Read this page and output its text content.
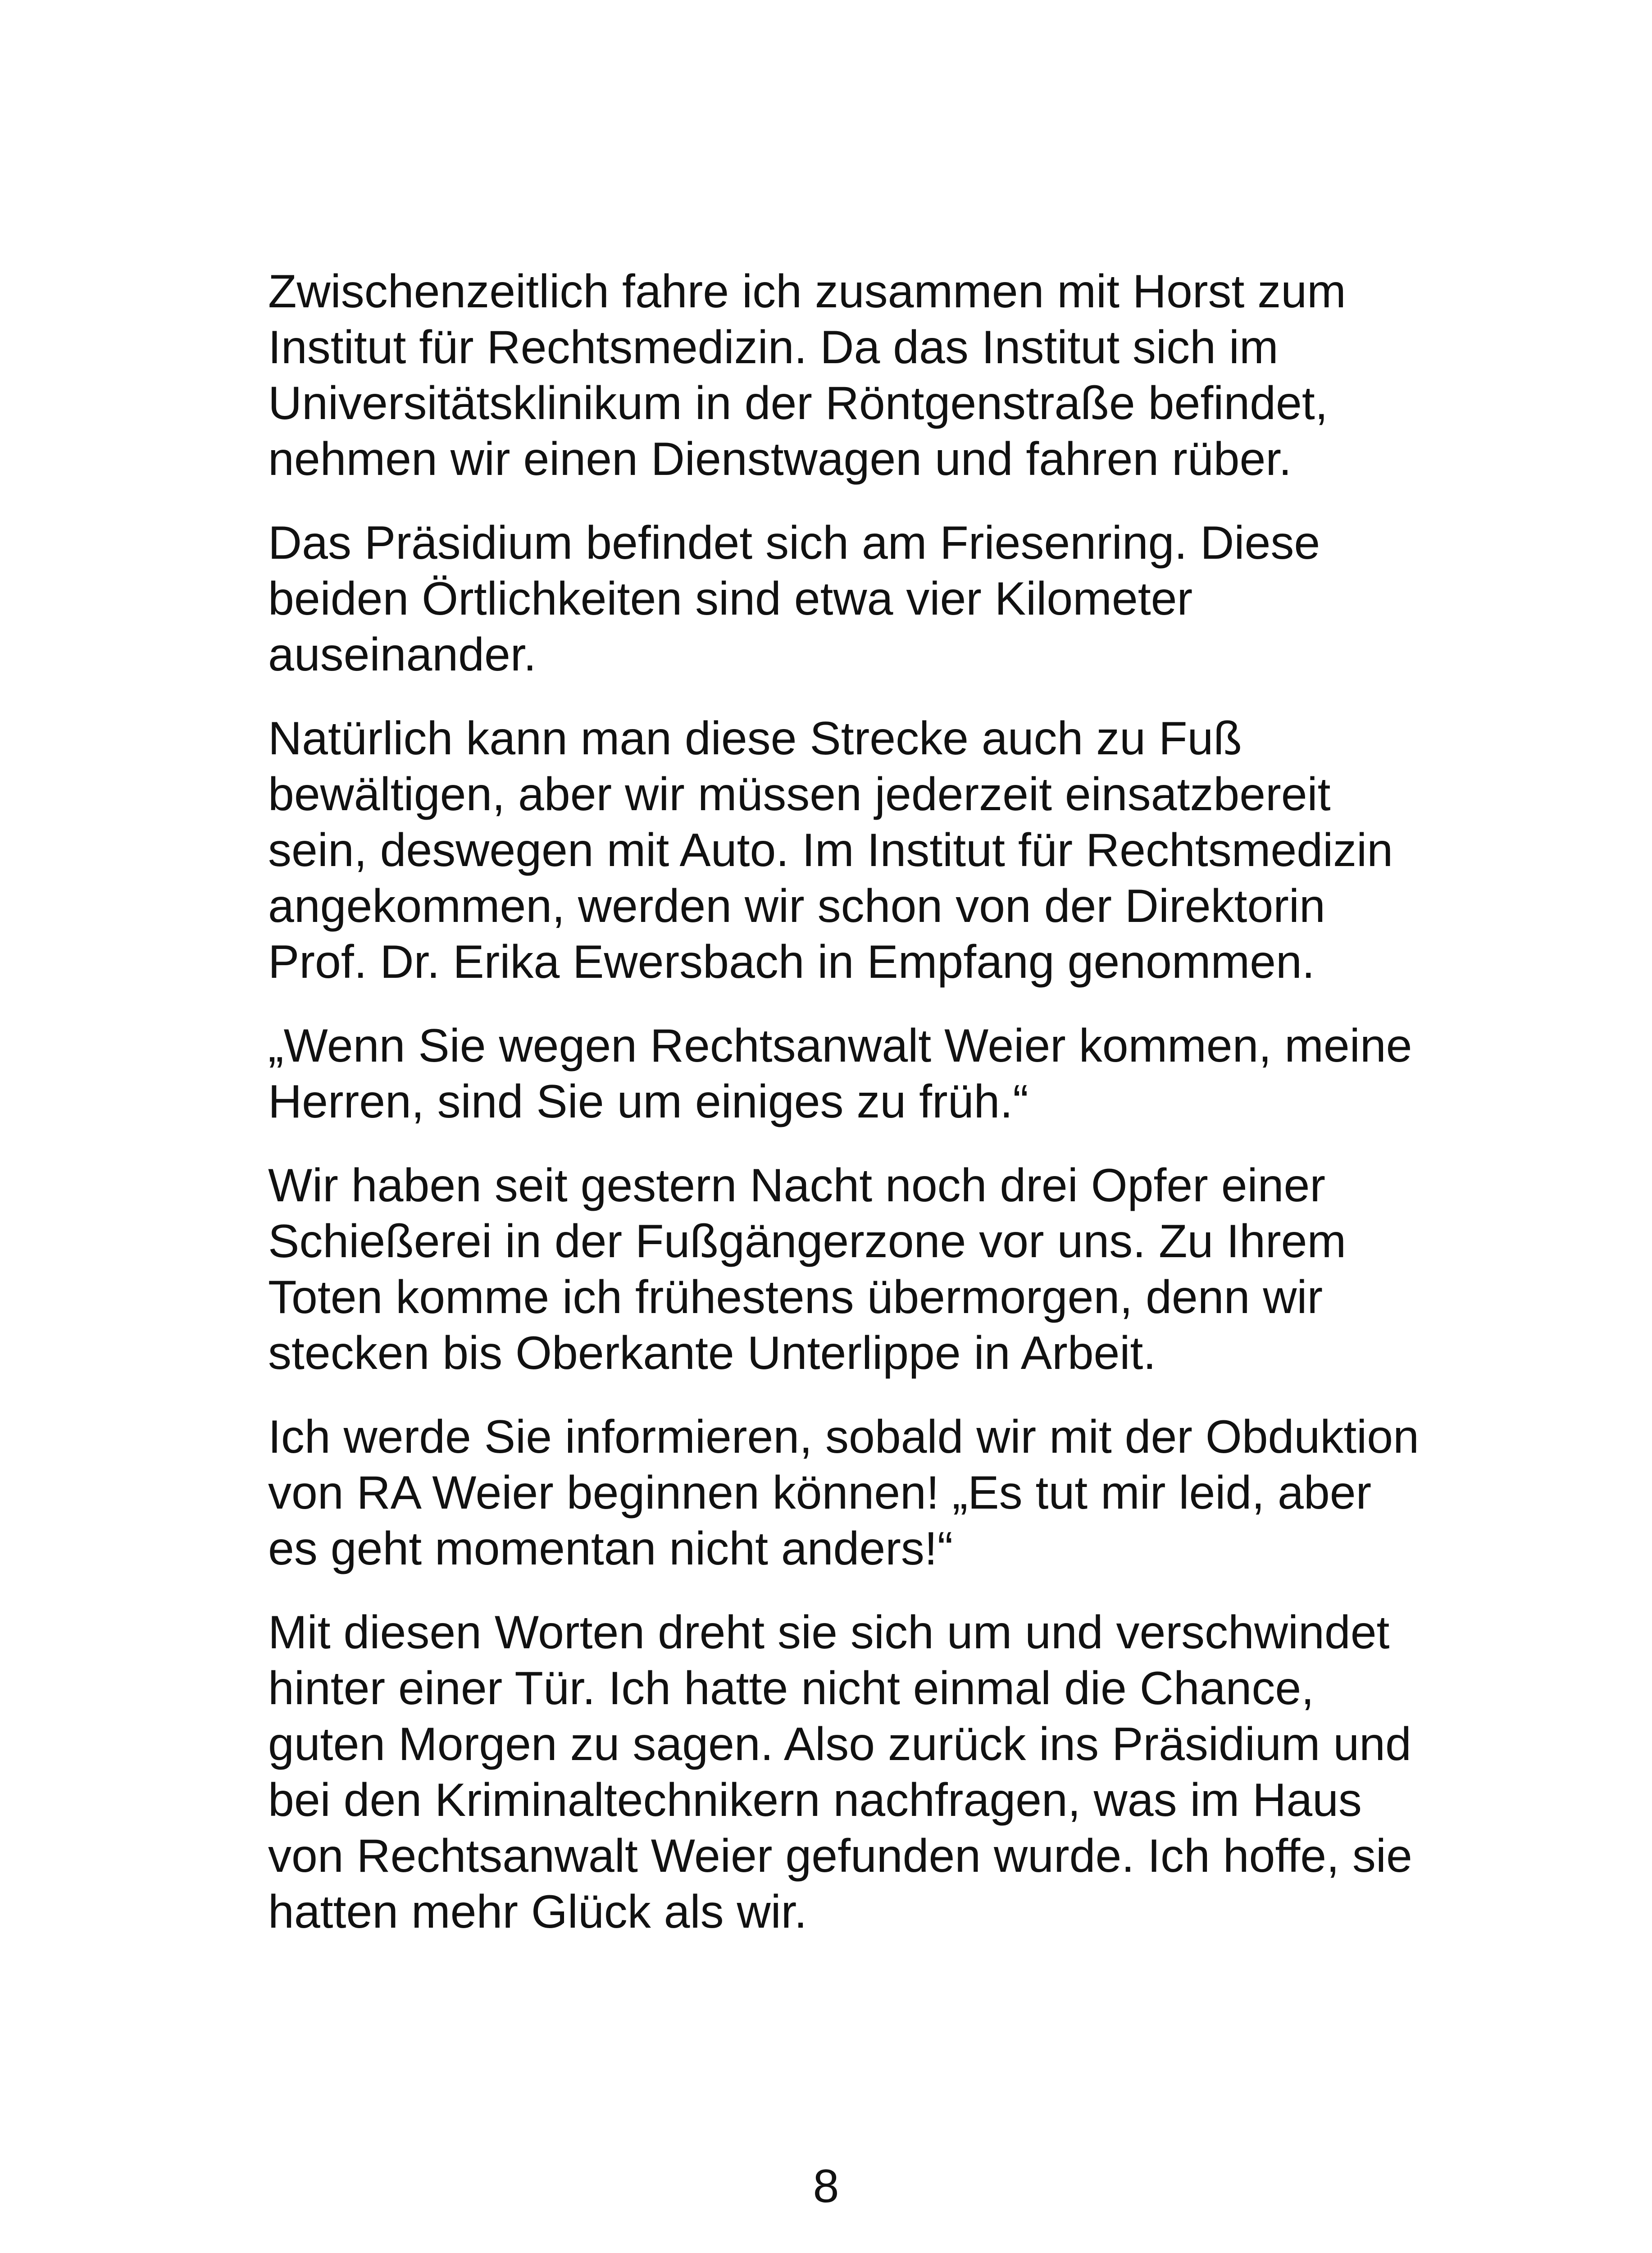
Zwischenzeitlich fahre ich zusammen mit Horst zum
Institut für Rechtsmedizin. Da das Institut sich im
Universitätsklinikum in der Röntgenstraße befindet,
nehmen wir einen Dienstwagen und fahren rüber.

Das Präsidium befindet sich am Friesenring. Diese
beiden Örtlichkeiten sind etwa vier Kilometer
auseinander.

Natürlich kann man diese Strecke auch zu Fuß
bewältigen, aber wir müssen jederzeit einsatzbereit
sein, deswegen mit Auto. Im Institut für Rechtsmedizin
angekommen, werden wir schon von der Direktorin
Prof. Dr. Erika Ewersbach in Empfang genommen.

„Wenn Sie wegen Rechtsanwalt Weier kommen, meine
Herren, sind Sie um einiges zu früh.“

Wir haben seit gestern Nacht noch drei Opfer einer
Schießerei in der Fußgängerzone vor uns. Zu Ihrem
Toten komme ich frühestens übermorgen, denn wir
stecken bis Oberkante Unterlippe in Arbeit.

Ich werde Sie informieren, sobald wir mit der Obduktion
von RA Weier beginnen können! „Es tut mir leid, aber
es geht momentan nicht anders!“

Mit diesen Worten dreht sie sich um und verschwindet
hinter einer Tür. Ich hatte nicht einmal die Chance,
guten Morgen zu sagen. Also zurück ins Präsidium und
bei den Kriminaltechnikern nachfragen, was im Haus
von Rechtsanwalt Weier gefunden wurde. Ich hoffe, sie
hatten mehr Glück als wir.

8
